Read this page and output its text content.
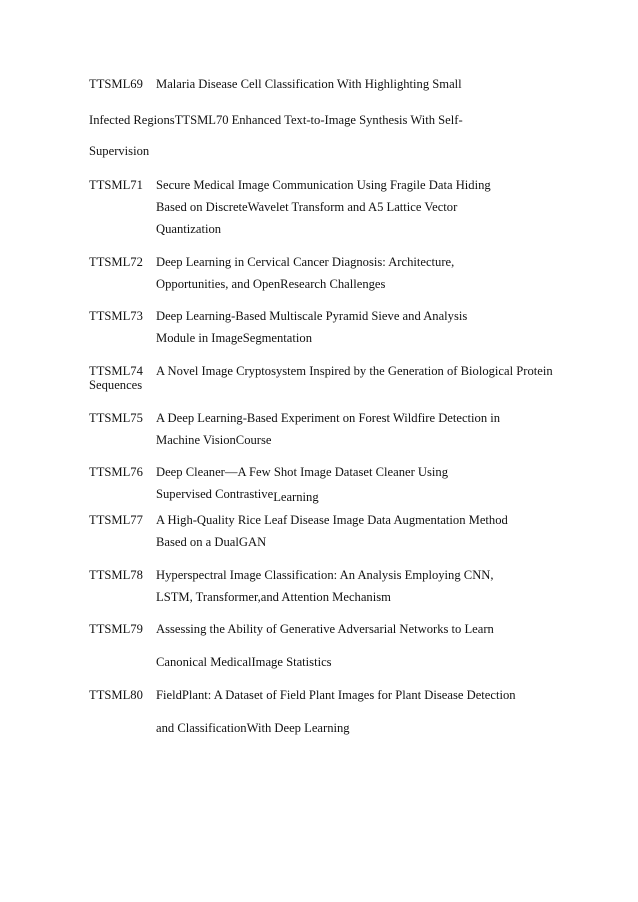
TTSML69 Malaria Disease Cell Classification With Highlighting Small
Infected RegionsTTSML70 Enhanced Text-to-Image Synthesis With Self-
Supervision
TTSML71 Secure Medical Image Communication Using Fragile Data Hiding
Based on DiscreteWavelet Transform and A5 Lattice Vector
Quantization
TTSML72 Deep Learning in Cervical Cancer Diagnosis: Architecture,
Opportunities, and OpenResearch Challenges
TTSML73 Deep Learning-Based Multiscale Pyramid Sieve and Analysis
Module in ImageSegmentation
TTSML74 A Novel Image Cryptosystem Inspired by the Generation of Biological Protein
Sequences
TTSML75 A Deep Learning-Based Experiment on Forest Wildfire Detection in
Machine VisionCourse
TTSML76 Deep Cleaner—A Few Shot Image Dataset Cleaner Using
Supervised ContrastiveLearning
TTSML77 A High-Quality Rice Leaf Disease Image Data Augmentation Method
Based on a DualGAN
TTSML78 Hyperspectral Image Classification: An Analysis Employing CNN,
LSTM, Transformer,and Attention Mechanism
TTSML79 Assessing the Ability of Generative Adversarial Networks to Learn
Canonical MedicalImage Statistics
TTSML80 FieldPlant: A Dataset of Field Plant Images for Plant Disease Detection
and ClassificationWith Deep Learning
